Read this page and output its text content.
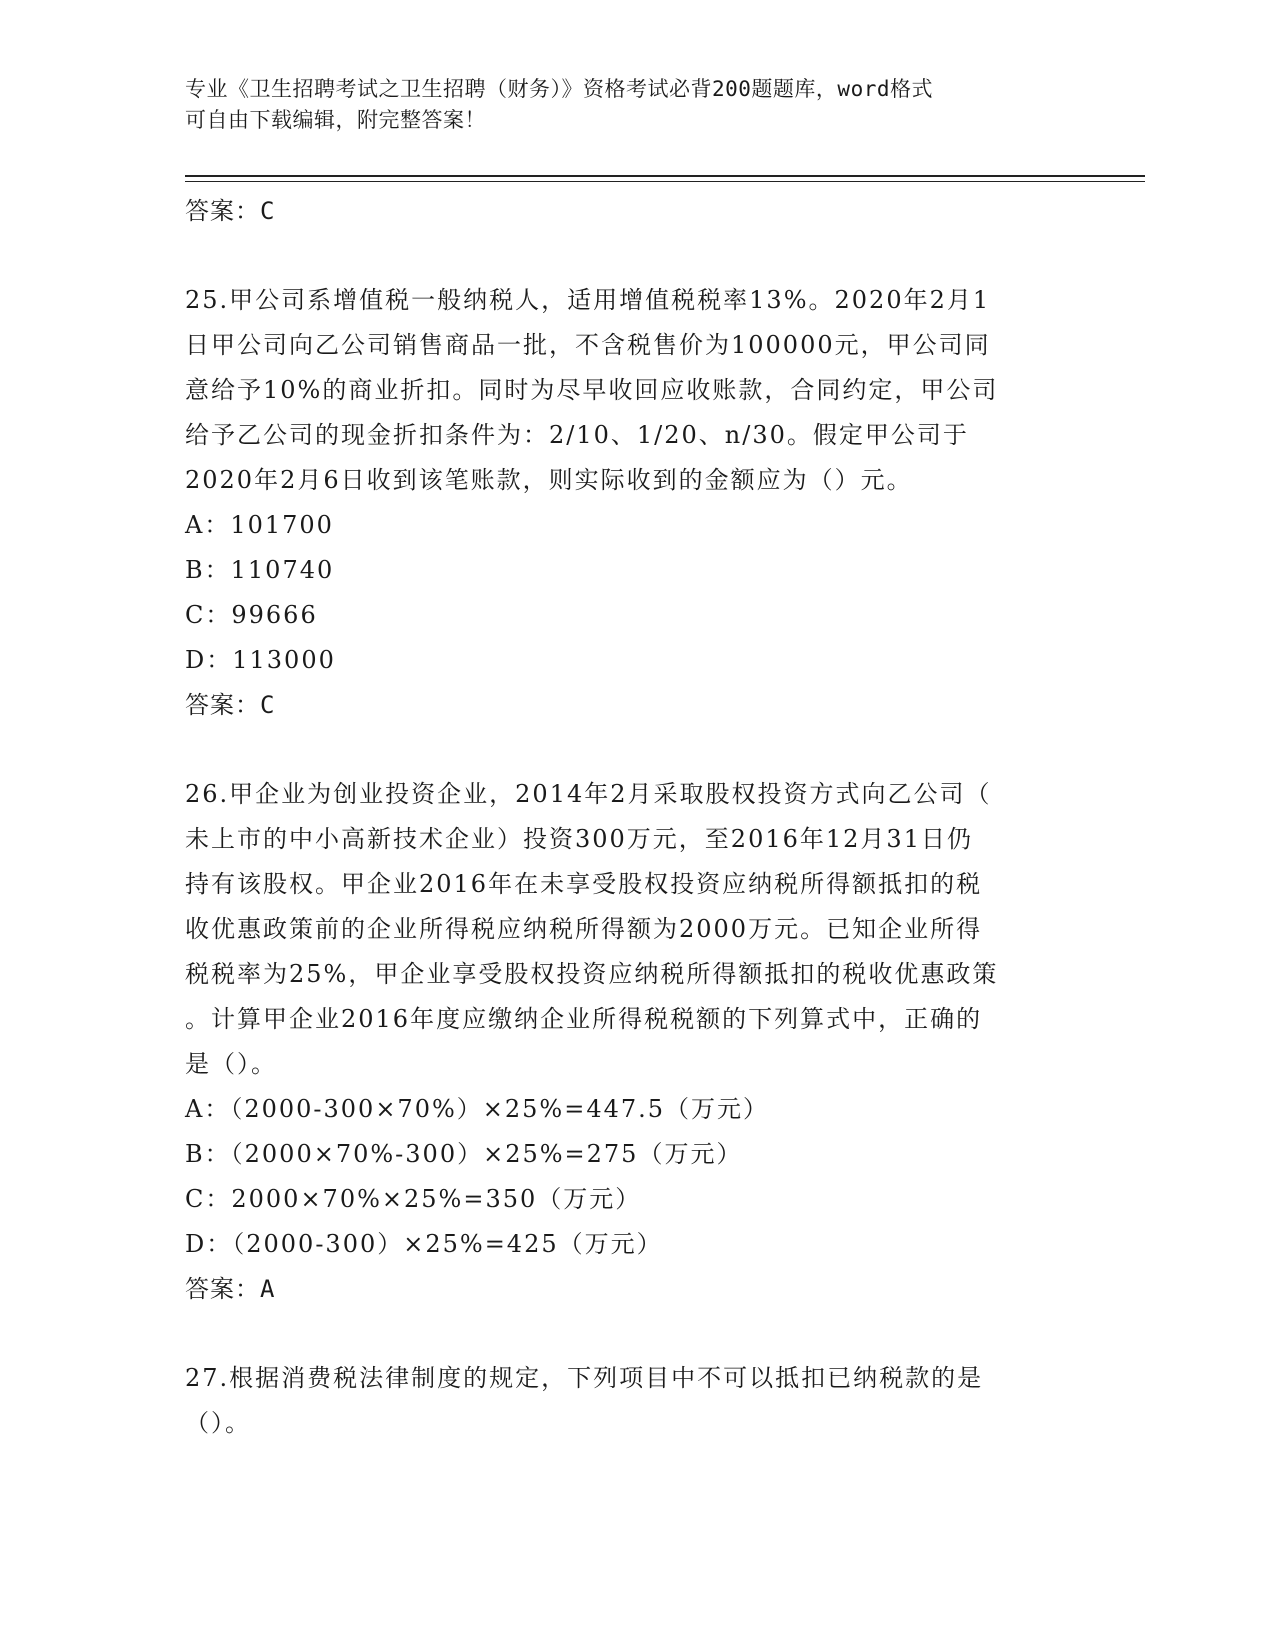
专业《卫生招聘考试之卫生招聘（财务）》资格考试必背200题题库，word格式
可自由下载编辑，附完整答案！
答案：C
25.甲公司系增值税一般纳税人，适用增值税税率13%。2020年2月1
日甲公司向乙公司销售商品一批，不含税售价为100000元，甲公司同
意给予10%的商业折扣。同时为尽早收回应收账款，合同约定，甲公司
给予乙公司的现金折扣条件为：2/10、1/20、n/30。假定甲公司于
2020年2月6日收到该笔账款，则实际收到的金额应为（）元。
A：101700
B：110740
C：99666
D：113000
答案：C
26.甲企业为创业投资企业，2014年2月采取股权投资方式向乙公司（
未上市的中小高新技术企业）投资300万元，至2016年12月31日仍
持有该股权。甲企业2016年在未享受股权投资应纳税所得额抵扣的税
收优惠政策前的企业所得税应纳税所得额为2000万元。已知企业所得
税税率为25%，甲企业享受股权投资应纳税所得额抵扣的税收优惠政策
。计算甲企业2016年度应缴纳企业所得税税额的下列算式中，正确的
是（）。
A：（2000-300×70%）×25%=447.5（万元）
B：（2000×70%-300）×25%=275（万元）
C：2000×70%×25%=350（万元）
D：（2000-300）×25%=425（万元）
答案：A
27.根据消费税法律制度的规定，下列项目中不可以抵扣已纳税款的是
（）。
